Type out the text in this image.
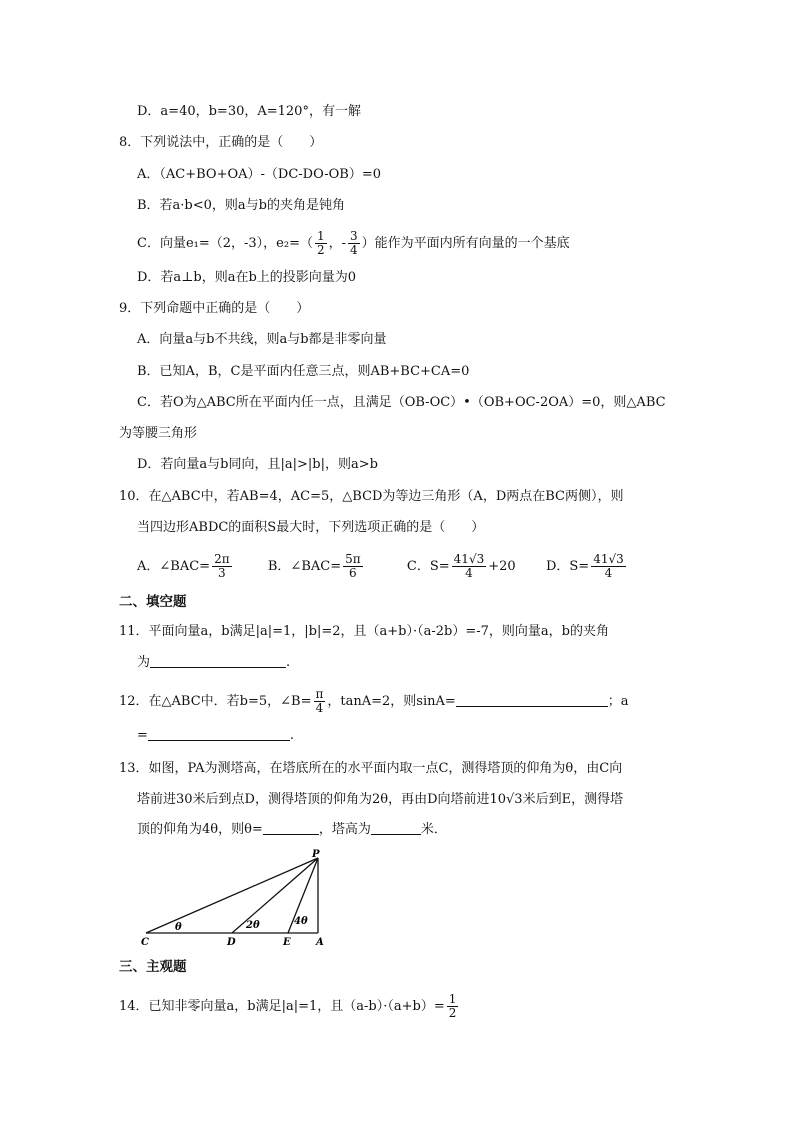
D．a=40，b=30，A=120°，有一解
8．下列说法中，正确的是（　　）
A．（AC+BO+OA）-（DC-DO-OB）=0
B．若a·b<0，则a与b的夹角是钝角
C．向量e₁=（2，-3），$e_2=( \frac{1}{2}$ ，- $\frac{3}{4}$ ）能作为平面内所有向量的一个基底
D．若a⊥b，则a在b上的投影向量为0
9．下列命题中正确的是（　　）
A．向量a与b不共线，则a与b都是非零向量
B．已知A，B，C是平面内任意三点，则AB+BC+CA=0
C．若O为△ABC所在平面内任一点，且满足（OB-OC）•（OB+OC-2OA）=0，则△ABC
为等腰三角形
D．若向量a与b同向，且|a|>|b|，则a>b
10．在△ABC中，若AB=4，AC=5，△BCD为等边三角形（A，D两点在BC两侧），则
当四边形ABDC的面积S最大时，下列选项正确的是（　　）
A．∠BAC= $\frac{2\pi}{3}$	B．∠BAC= $\frac{5\pi}{6}$	C．$S= \frac{41√3}{4} +20$ D．$S= \frac{41√3}{4}$
二、填空题
11．平面向量a，b满足|a|=1，|b|=2，且（a+b）·（a-2b）=-7，则向量a，b的夹角
为	.
12．在△ABC中．若b=5，∠B= $\frac{\pi}{4}$ ，tanA=2，则sinA=	；a
=	.
13．如图，PA为测塔高，在塔底所在的水平面内取一点C，测得塔顶的仰角为θ，由C向
塔前进30米后到点D，测得塔顶的仰角为2θ，再由D向塔前进10√3米后到E，测得塔
顶的仰角为4θ，则θ=	，塔高为	米．
P
C	D	E	A
θ	2θ	4θ
三、主观题
14．已知非零向量a，b满足|a|=1，且$(a-b)\cdot(a+b)= \frac{1}{2}$
